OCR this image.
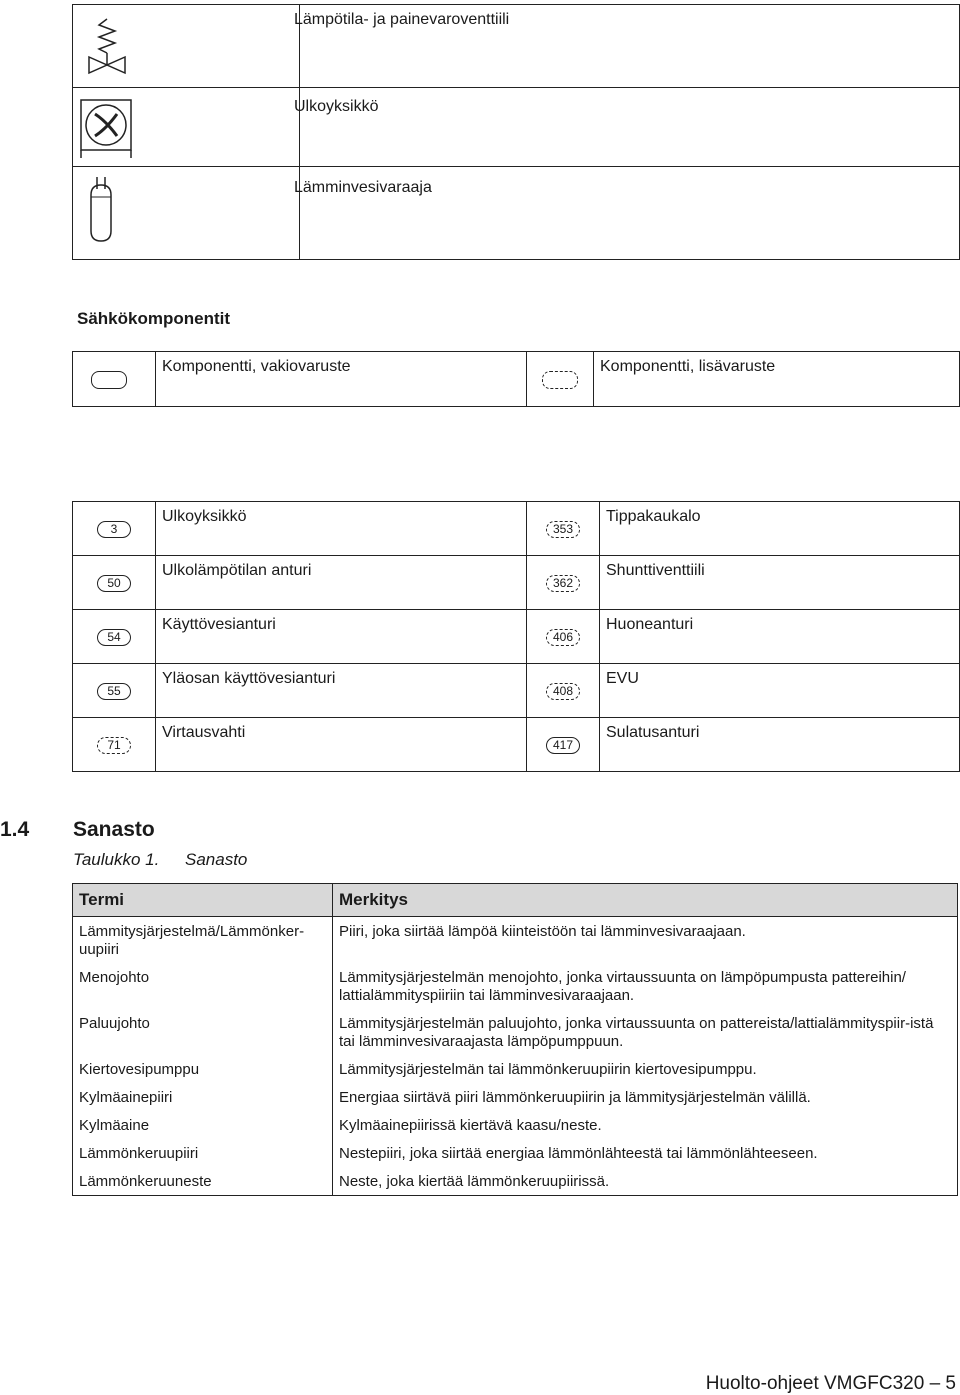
Lämpötila- ja painevaroventtiili

Ulkoyksikkö

Lämminvesivaraaja
Sähkökomponentit
	Komponentti, vakiovaruste		Komponentti, lisävaruste
3	Ulkoyksikkö	353	Tippakaukalo
50	Ulkolämpötilan anturi	362	Shunttiventtiili
54	Käyttövesianturi	406	Huoneanturi
55	Yläosan käyttövesianturi	408	EVU
71	Virtausvahti	417	Sulatusanturi
1.4 Sanasto
Taulukko 1. Sanasto
Termi	Merkitys
Lämmitysjärjestelmä/Lämmönker-uupiiri	Piiri, joka siirtää lämpöä kiinteistöön tai lämminvesivaraajaan.
Menojohto	Lämmitysjärjestelmän menojohto, jonka virtaussuunta on lämpöpumpusta pattereihin/ lattialämmityspiiriin tai lämminvesivaraajaan.
Paluujohto	Lämmitysjärjestelmän paluujohto, jonka virtaussuunta on pattereista/lattialämmityspiir-istä tai lämminvesivaraajasta lämpöpumppuun.
Kiertovesipumppu	Lämmitysjärjestelmän tai lämmönkeruupiirin kiertovesipumppu.
Kylmäainepiiri	Energiaa siirtävä piiri lämmönkeruupiirin ja lämmitysjärjestelmän välillä.
Kylmäaine	Kylmäainepiirissä kiertävä kaasu/neste.
Lämmönkeruupiiri	Nestepiiri, joka siirtää energiaa lämmönlähteestä tai lämmönlähteeseen.
Lämmönkeruuneste	Neste, joka kiertää lämmönkeruupiirissä.
Huolto-ohjeet VMGFC320 – 5
